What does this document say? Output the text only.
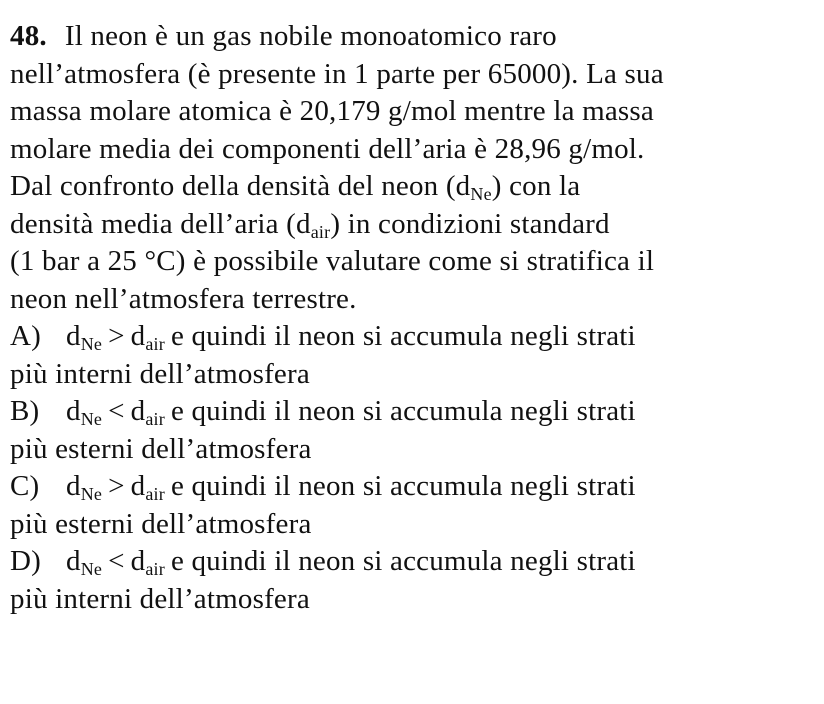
48. Il neon è un gas nobile monoatomico raro
nell’atmosfera (è presente in 1 parte per 65000). La sua
massa molare atomica è 20,179 g/mol mentre la massa
molare media dei componenti dell’aria è 28,96 g/mol.
Dal confronto della densità del neon $(d_{Ne})$ con la
densità media dell’aria $(d_{air})$ in condizioni standard
(1 bar a 25 °C) è possibile valutare come si stratifica il
neon nell’atmosfera terrestre.
A) $d_{Ne} > d_{air}$ e quindi il neon si accumula negli strati
più interni dell’atmosfera
B) $d_{Ne} < d_{air}$ e quindi il neon si accumula negli strati
più esterni dell’atmosfera
C) $d_{Ne} > d_{air}$ e quindi il neon si accumula negli strati
più esterni dell’atmosfera
D) $d_{Ne} < d_{air}$ e quindi il neon si accumula negli strati
più interni dell’atmosfera
